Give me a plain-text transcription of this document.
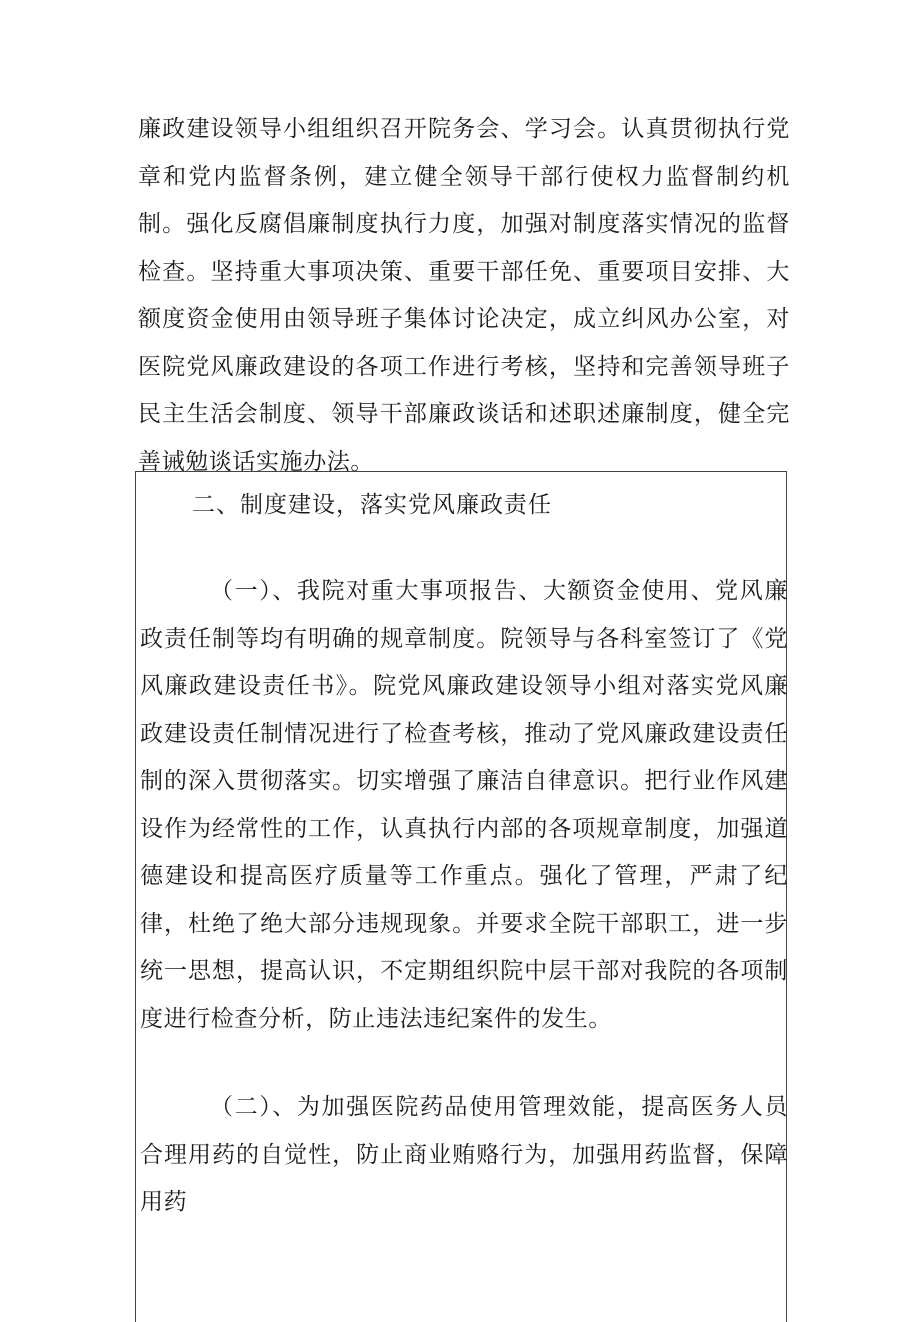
廉政建设领导小组组织召开院务会、学习会。认真贯彻执行党章和党内监督条例，建立健全领导干部行使权力监督制约机制。强化反腐倡廉制度执行力度，加强对制度落实情况的监督检查。坚持重大事项决策、重要干部任免、重要项目安排、大额度资金使用由领导班子集体讨论决定，成立纠风办公室，对医院党风廉政建设的各项工作进行考核，坚持和完善领导班子民主生活会制度、领导干部廉政谈话和述职述廉制度，健全完善诫勉谈话实施办法。

二、制度建设，落实党风廉政责任

（一）、我院对重大事项报告、大额资金使用、党风廉政责任制等均有明确的规章制度。院领导与各科室签订了《党风廉政建设责任书》。院党风廉政建设领导小组对落实党风廉政建设责任制情况进行了检查考核，推动了党风廉政建设责任制的深入贯彻落实。切实增强了廉洁自律意识。把行业作风建设作为经常性的工作，认真执行内部的各项规章制度，加强道德建设和提高医疗质量等工作重点。强化了管理，严肃了纪律，杜绝了绝大部分违规现象。并要求全院干部职工，进一步统一思想，提高认识，不定期组织院中层干部对我院的各项制度进行检查分析，防止违法违纪案件的发生。

（二）、为加强医院药品使用管理效能，提高医务人员合理用药的自觉性，防止商业贿赂行为，加强用药监督，保障用药
